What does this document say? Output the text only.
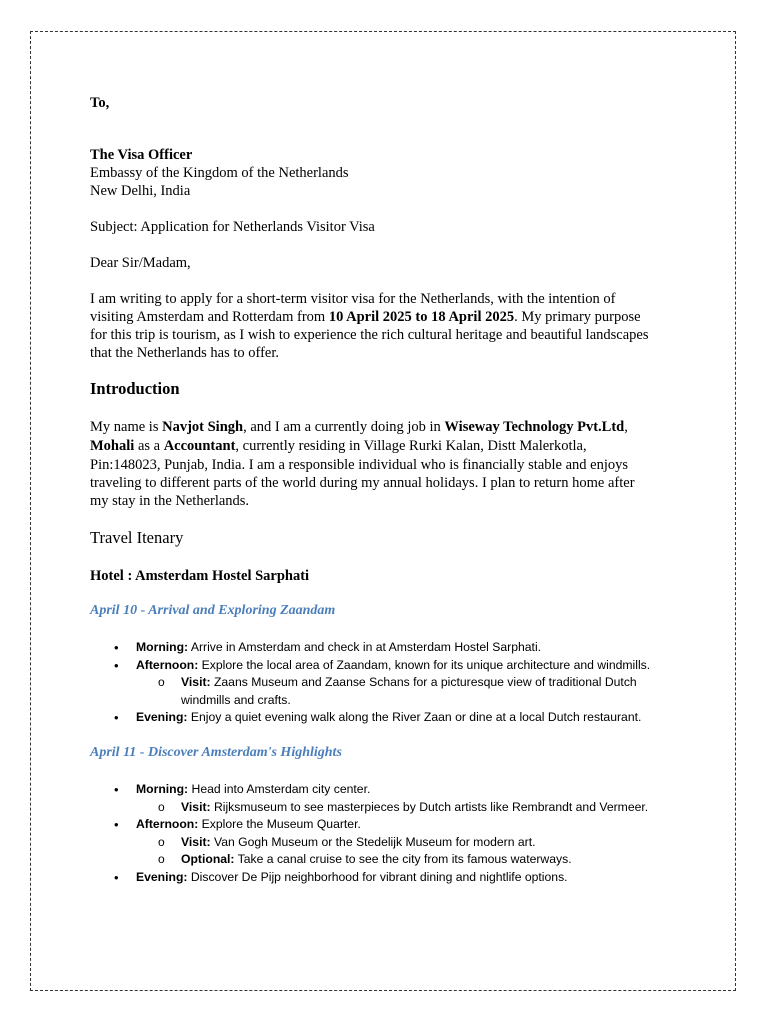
To,
The Visa Officer
Embassy of the Kingdom of the Netherlands
New Delhi, India
Subject: Application for Netherlands Visitor Visa
Dear Sir/Madam,
I am writing to apply for a short-term visitor visa for the Netherlands, with the intention of
visiting Amsterdam and Rotterdam from 10 April 2025 to 18 April 2025. My primary purpose
for this trip is tourism, as I wish to experience the rich cultural heritage and beautiful landscapes
that the Netherlands has to offer.
Introduction
My name is Navjot Singh, and I am a currently doing job in Wiseway Technology Pvt.Ltd,
Mohali as a Accountant, currently residing in Village Rurki Kalan, Distt Malerkotla,
Pin:148023, Punjab, India. I am a responsible individual who is financially stable and enjoys
traveling to different parts of the world during my annual holidays. I plan to return home after
my stay in the Netherlands.
Travel Itenary
Hotel : Amsterdam Hostel Sarphati
April 10 - Arrival and Exploring Zaandam
• Morning: Arrive in Amsterdam and check in at Amsterdam Hostel Sarphati.
• Afternoon: Explore the local area of Zaandam, known for its unique architecture and windmills.
o Visit: Zaans Museum and Zaanse Schans for a picturesque view of traditional Dutch
windmills and crafts.
• Evening: Enjoy a quiet evening walk along the River Zaan or dine at a local Dutch restaurant.
April 11 - Discover Amsterdam's Highlights
• Morning: Head into Amsterdam city center.
o Visit: Rijksmuseum to see masterpieces by Dutch artists like Rembrandt and Vermeer.
• Afternoon: Explore the Museum Quarter.
o Visit: Van Gogh Museum or the Stedelijk Museum for modern art.
o Optional: Take a canal cruise to see the city from its famous waterways.
• Evening: Discover De Pijp neighborhood for vibrant dining and nightlife options.
